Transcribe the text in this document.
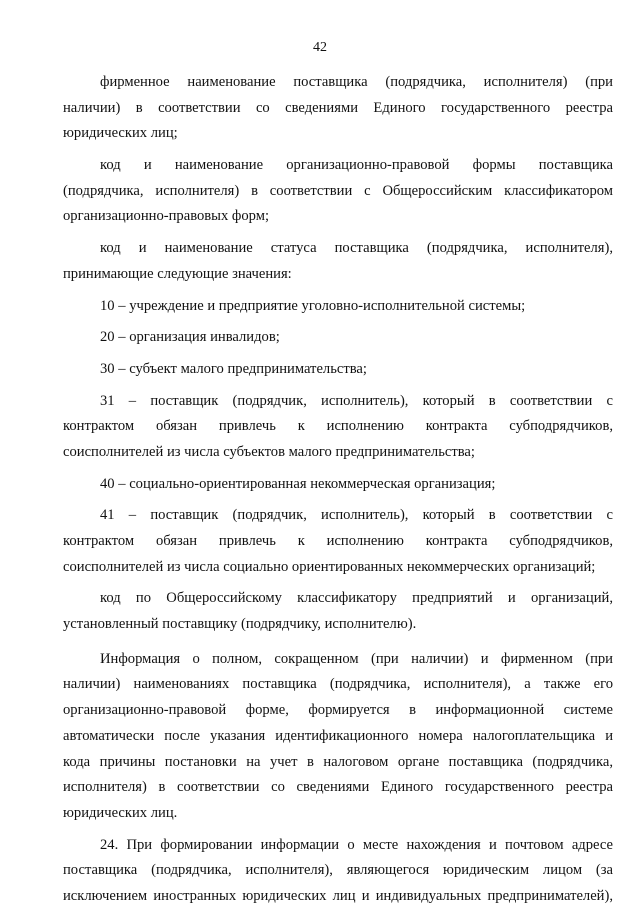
42
фирменное наименование поставщика (подрядчика, исполнителя) (при
наличии) в соответствии со сведениями Единого государственного реестра
юридических лиц;
код и наименование организационно-правовой формы поставщика
(подрядчика, исполнителя) в соответствии с Общероссийским классификатором
организационно-правовых форм;
код и наименование статуса поставщика (подрядчика, исполнителя),
принимающие следующие значения:
10 – учреждение и предприятие уголовно-исполнительной системы;
20 – организация инвалидов;
30 – субъект малого предпринимательства;
31 – поставщик (подрядчик, исполнитель), который в соответствии с
контрактом обязан привлечь к исполнению контракта субподрядчиков,
соисполнителей из числа субъектов малого предпринимательства;
40 – социально-ориентированная некоммерческая организация;
41 – поставщик (подрядчик, исполнитель), который в соответствии с
контрактом обязан привлечь к исполнению контракта субподрядчиков,
соисполнителей из числа социально ориентированных некоммерческих организаций;
код по Общероссийскому классификатору предприятий и организаций,
установленный поставщику (подрядчику, исполнителю).
Информация о полном, сокращенном (при наличии) и фирменном (при
наличии) наименованиях поставщика (подрядчика, исполнителя), а также его
организационно-правовой форме, формируется в информационной системе
автоматически после указания идентификационного номера налогоплательщика и
кода причины постановки на учет в налоговом органе поставщика (подрядчика,
исполнителя) в соответствии со сведениями Единого государственного реестра
юридических лиц.
24. При формировании информации о месте нахождения и почтовом адресе
поставщика (подрядчика, исполнителя), являющегося юридическим лицом (за
исключением иностранных юридических лиц и индивидуальных предпринимателей),
